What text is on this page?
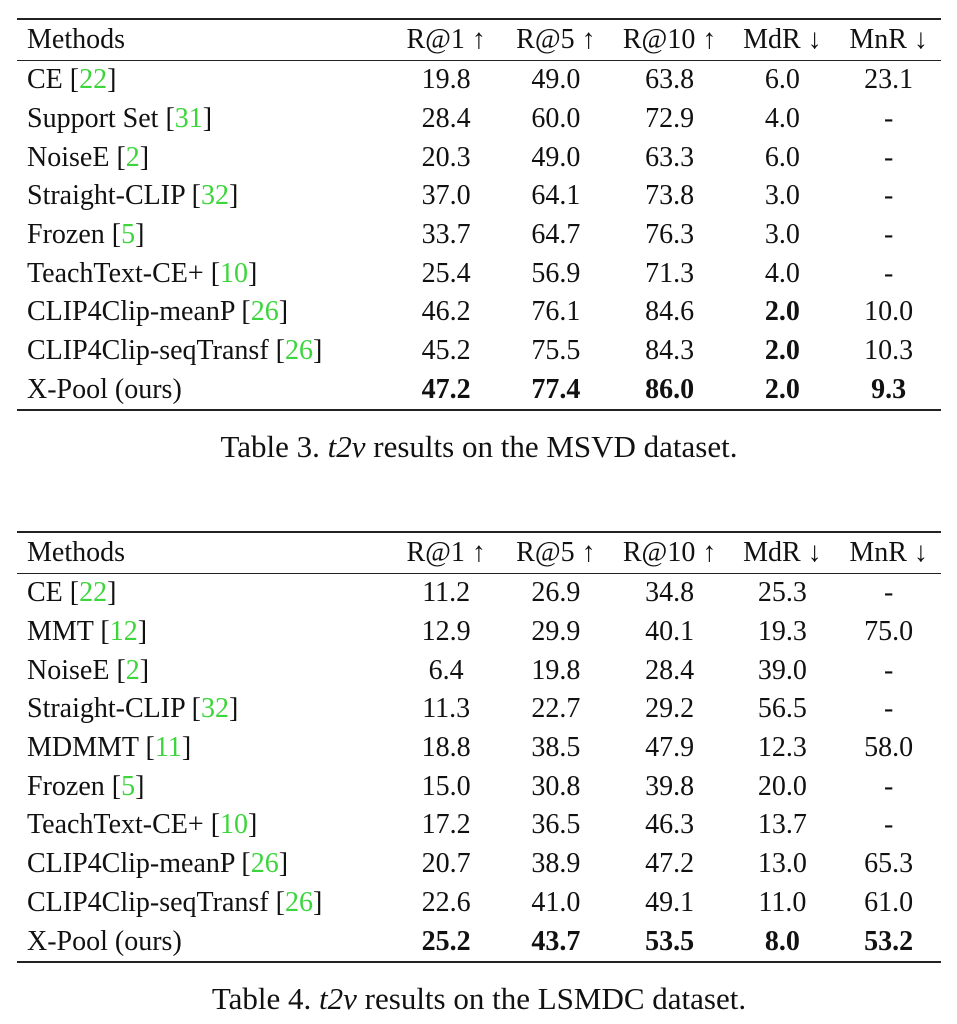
Methods	R@1 ↑	R@5 ↑	R@10 ↑	MdR ↓	MnR ↓
CE [22]	19.8	49.0	63.8	6.0	23.1
Support Set [31]	28.4	60.0	72.9	4.0	-
NoiseE [2]	20.3	49.0	63.3	6.0	-
Straight-CLIP [32]	37.0	64.1	73.8	3.0	-
Frozen [5]	33.7	64.7	76.3	3.0	-
TeachText-CE+ [10]	25.4	56.9	71.3	4.0	-
CLIP4Clip-meanP [26]	46.2	76.1	84.6	2.0	10.0
CLIP4Clip-seqTransf [26]	45.2	75.5	84.3	2.0	10.3
X-Pool (ours)	47.2	77.4	86.0	2.0	9.3
Table 3. t2v results on the MSVD dataset.
Methods	R@1 ↑	R@5 ↑	R@10 ↑	MdR ↓	MnR ↓
CE [22]	11.2	26.9	34.8	25.3	-
MMT [12]	12.9	29.9	40.1	19.3	75.0
NoiseE [2]	6.4	19.8	28.4	39.0	-
Straight-CLIP [32]	11.3	22.7	29.2	56.5	-
MDMMT [11]	18.8	38.5	47.9	12.3	58.0
Frozen [5]	15.0	30.8	39.8	20.0	-
TeachText-CE+ [10]	17.2	36.5	46.3	13.7	-
CLIP4Clip-meanP [26]	20.7	38.9	47.2	13.0	65.3
CLIP4Clip-seqTransf [26]	22.6	41.0	49.1	11.0	61.0
X-Pool (ours)	25.2	43.7	53.5	8.0	53.2
Table 4. t2v results on the LSMDC dataset.
